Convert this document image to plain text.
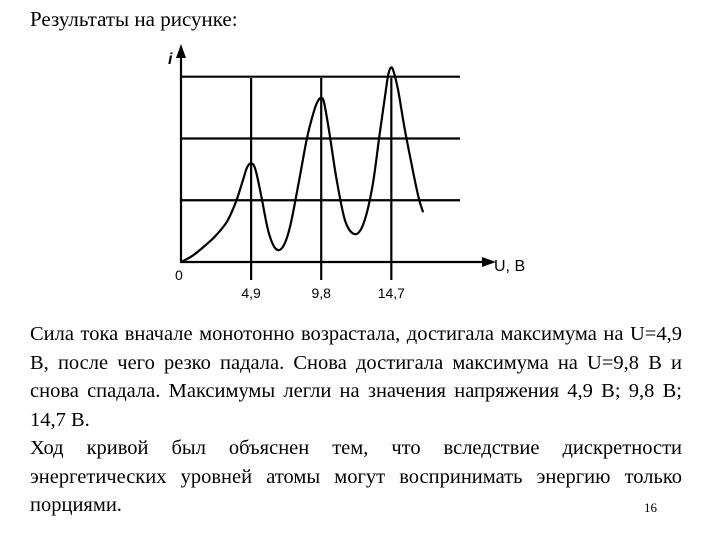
Результаты на рисунке:
i
U, B
0
4,9	9,8	14,7

Сила тока вначале монотонно возрастала, достигала максимума на U=4,9 В, после чего резко падала. Снова достигала максимума на U=9,8 В и снова спадала. Максимумы легли на значения напряжения 4,9 В; 9,8 В; 14,7 В.

Ход кривой был объяснен тем, что вследствие дискретности энергетических уровней атомы могут воспринимать энергию только порциями.	16
